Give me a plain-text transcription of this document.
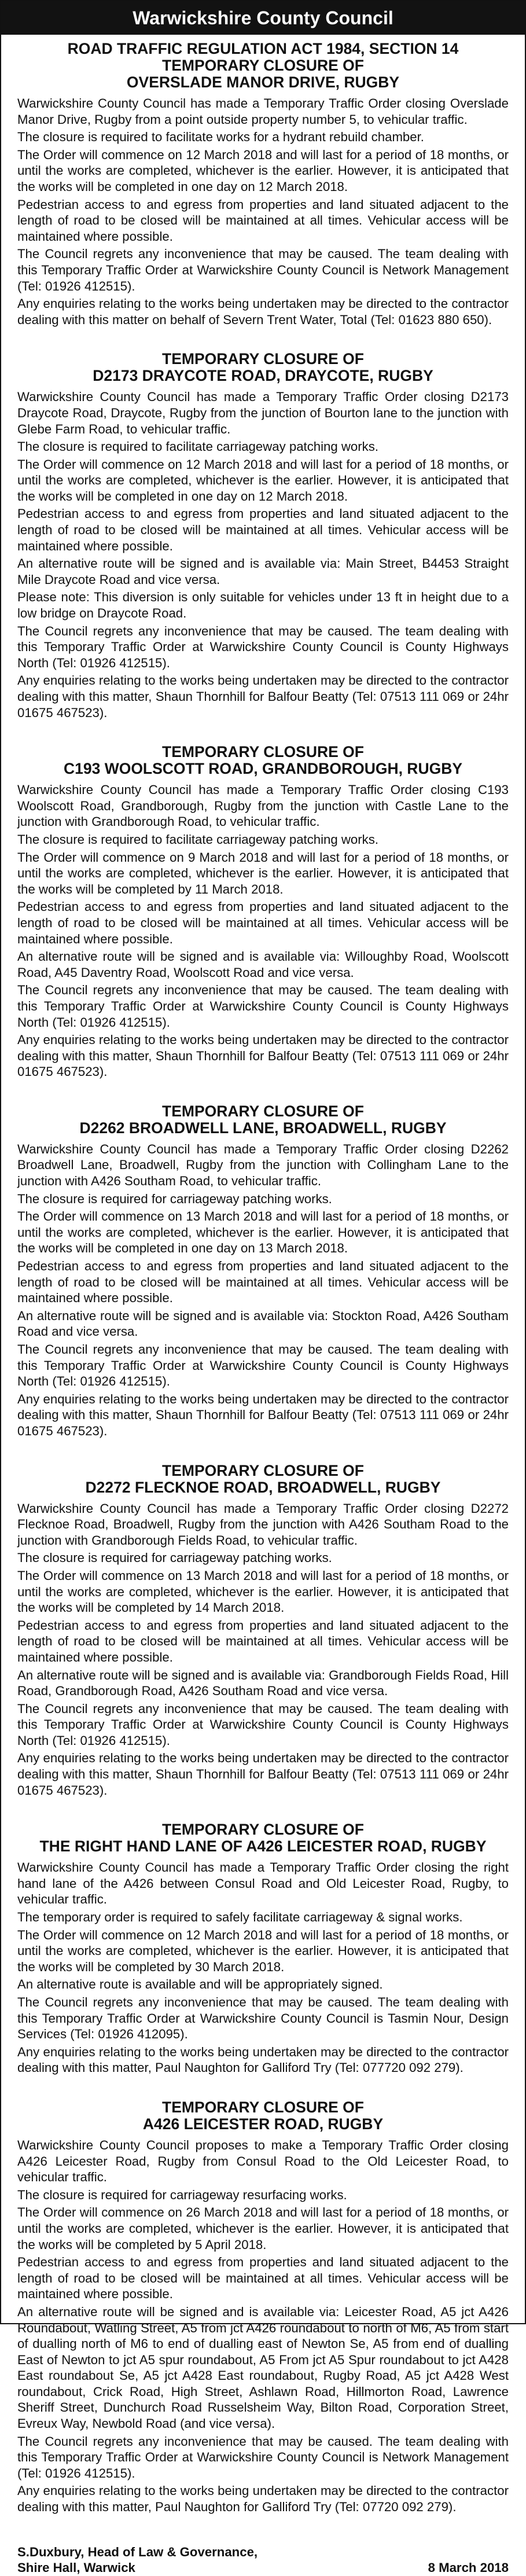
Warwickshire County Council
ROAD TRAFFIC REGULATION ACT 1984, SECTION 14
TEMPORARY CLOSURE OF
OVERSLADE MANOR DRIVE, RUGBY

Warwickshire County Council has made a Temporary Traffic Order closing Overslade Manor Drive, Rugby from a point outside property number 5, to vehicular traffic.

The closure is required to facilitate works for a hydrant rebuild chamber.

The Order will commence on 12 March 2018 and will last for a period of 18 months, or until the works are completed, whichever is the earlier. However, it is anticipated that the works will be completed in one day on 12 March 2018.

Pedestrian access to and egress from properties and land situated adjacent to the length of road to be closed will be maintained at all times. Vehicular access will be maintained where possible.

The Council regrets any inconvenience that may be caused. The team dealing with this Temporary Traffic Order at Warwickshire County Council is Network Management (Tel: 01926 412515).

Any enquiries relating to the works being undertaken may be directed to the contractor dealing with this matter on behalf of Severn Trent Water, Total (Tel: 01623 880 650).

TEMPORARY CLOSURE OF
D2173 DRAYCOTE ROAD, DRAYCOTE, RUGBY

Warwickshire County Council has made a Temporary Traffic Order closing D2173 Draycote Road, Draycote, Rugby from the junction of Bourton lane to the junction with Glebe Farm Road, to vehicular traffic.

The closure is required to facilitate carriageway patching works.

The Order will commence on 12 March 2018 and will last for a period of 18 months, or until the works are completed, whichever is the earlier. However, it is anticipated that the works will be completed in one day on 12 March 2018.

Pedestrian access to and egress from properties and land situated adjacent to the length of road to be closed will be maintained at all times. Vehicular access will be maintained where possible.

An alternative route will be signed and is available via: Main Street, B4453 Straight Mile Draycote Road and vice versa.

Please note: This diversion is only suitable for vehicles under 13 ft in height due to a low bridge on Draycote Road.

The Council regrets any inconvenience that may be caused. The team dealing with this Temporary Traffic Order at Warwickshire County Council is County Highways North (Tel: 01926 412515).

Any enquiries relating to the works being undertaken may be directed to the contractor dealing with this matter, Shaun Thornhill for Balfour Beatty (Tel: 07513 111 069 or 24hr 01675 467523).

TEMPORARY CLOSURE OF
C193 WOOLSCOTT ROAD, GRANDBOROUGH, RUGBY

Warwickshire County Council has made a Temporary Traffic Order closing C193 Woolscott Road, Grandborough, Rugby from the junction with Castle Lane to the junction with Grandborough Road, to vehicular traffic.

The closure is required to facilitate carriageway patching works.

The Order will commence on 9 March 2018 and will last for a period of 18 months, or until the works are completed, whichever is the earlier. However, it is anticipated that the works will be completed by 11 March 2018.

Pedestrian access to and egress from properties and land situated adjacent to the length of road to be closed will be maintained at all times. Vehicular access will be maintained where possible.

An alternative route will be signed and is available via: Willoughby Road, Woolscott Road, A45 Daventry Road, Woolscott Road and vice versa.

The Council regrets any inconvenience that may be caused. The team dealing with this Temporary Traffic Order at Warwickshire County Council is County Highways North (Tel: 01926 412515).

Any enquiries relating to the works being undertaken may be directed to the contractor dealing with this matter, Shaun Thornhill for Balfour Beatty (Tel: 07513 111 069 or 24hr 01675 467523).

TEMPORARY CLOSURE OF
D2262 BROADWELL LANE, BROADWELL, RUGBY

Warwickshire County Council has made a Temporary Traffic Order closing D2262 Broadwell Lane, Broadwell, Rugby from the junction with Collingham Lane to the junction with A426 Southam Road, to vehicular traffic.

The closure is required for carriageway patching works.

The Order will commence on 13 March 2018 and will last for a period of 18 months, or until the works are completed, whichever is the earlier. However, it is anticipated that the works will be completed in one day on 13 March 2018.

Pedestrian access to and egress from properties and land situated adjacent to the length of road to be closed will be maintained at all times. Vehicular access will be maintained where possible.

An alternative route will be signed and is available via: Stockton Road, A426 Southam Road and vice versa.

The Council regrets any inconvenience that may be caused. The team dealing with this Temporary Traffic Order at Warwickshire County Council is County Highways North (Tel: 01926 412515).

Any enquiries relating to the works being undertaken may be directed to the contractor dealing with this matter, Shaun Thornhill for Balfour Beatty (Tel: 07513 111 069 or 24hr 01675 467523).

TEMPORARY CLOSURE OF
D2272 FLECKNOE ROAD, BROADWELL, RUGBY

Warwickshire County Council has made a Temporary Traffic Order closing D2272 Flecknoe Road, Broadwell, Rugby from the junction with A426 Southam Road to the junction with Grandborough Fields Road, to vehicular traffic.

The closure is required for carriageway patching works.

The Order will commence on 13 March 2018 and will last for a period of 18 months, or until the works are completed, whichever is the earlier. However, it is anticipated that the works will be completed by 14 March 2018.

Pedestrian access to and egress from properties and land situated adjacent to the length of road to be closed will be maintained at all times. Vehicular access will be maintained where possible.

An alternative route will be signed and is available via: Grandborough Fields Road, Hill Road, Grandborough Road, A426 Southam Road and vice versa.

The Council regrets any inconvenience that may be caused. The team dealing with this Temporary Traffic Order at Warwickshire County Council is County Highways North (Tel: 01926 412515).

Any enquiries relating to the works being undertaken may be directed to the contractor dealing with this matter, Shaun Thornhill for Balfour Beatty (Tel: 07513 111 069 or 24hr 01675 467523).

TEMPORARY CLOSURE OF
THE RIGHT HAND LANE OF A426 LEICESTER ROAD, RUGBY

Warwickshire County Council has made a Temporary Traffic Order closing the right hand lane of the A426 between Consul Road and Old Leicester Road, Rugby, to vehicular traffic.

The temporary order is required to safely facilitate carriageway & signal works.

The Order will commence on 12 March 2018 and will last for a period of 18 months, or until the works are completed, whichever is the earlier. However, it is anticipated that the works will be completed by 30 March 2018.

An alternative route is available and will be appropriately signed.

The Council regrets any inconvenience that may be caused. The team dealing with this Temporary Traffic Order at Warwickshire County Council is Tasmin Nour, Design Services (Tel: 01926 412095).

Any enquiries relating to the works being undertaken may be directed to the contractor dealing with this matter, Paul Naughton for Galliford Try (Tel: 077720 092 279).

TEMPORARY CLOSURE OF
A426 LEICESTER ROAD, RUGBY

Warwickshire County Council proposes to make a Temporary Traffic Order closing A426 Leicester Road, Rugby from Consul Road to the Old Leicester Road, to vehicular traffic.

The closure is required for carriageway resurfacing works.

The Order will commence on 26 March 2018 and will last for a period of 18 months, or until the works are completed, whichever is the earlier. However, it is anticipated that the works will be completed by 5 April 2018.

Pedestrian access to and egress from properties and land situated adjacent to the length of road to be closed will be maintained at all times. Vehicular access will be maintained where possible.

An alternative route will be signed and is available via: Leicester Road, A5 jct A426 Roundabout, Watling Street, A5 from jct A426 roundabout to north of M6, A5 from start of dualling north of M6 to end of dualling east of Newton Se, A5 from end of dualling East of Newton to jct A5 spur roundabout, A5 From jct A5 Spur roundabout to jct A428 East roundabout Se, A5 jct A428 East roundabout, Rugby Road, A5 jct A428 West roundabout, Crick Road, High Street, Ashlawn Road, Hillmorton Road, Lawrence Sheriff Street, Dunchurch Road Russelsheim Way, Bilton Road, Corporation Street, Evreux Way, Newbold Road (and vice versa).

The Council regrets any inconvenience that may be caused. The team dealing with this Temporary Traffic Order at Warwickshire County Council is Network Management (Tel: 01926 412515).

Any enquiries relating to the works being undertaken may be directed to the contractor dealing with this matter, Paul Naughton for Galliford Try (Tel: 07720 092 279).

S.Duxbury, Head of Law & Governance,
Shire Hall, Warwick	8 March 2018
